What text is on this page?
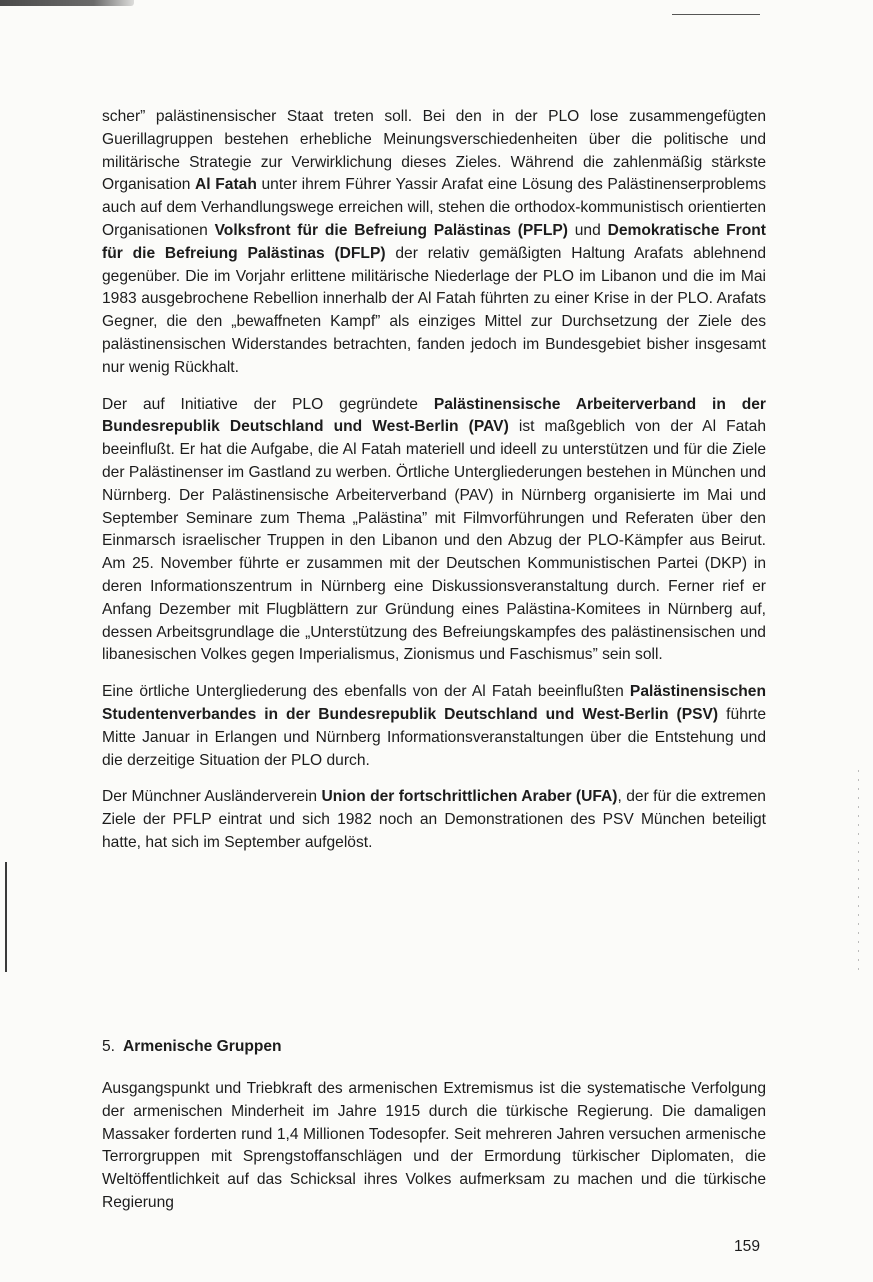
scher” palästinensischer Staat treten soll. Bei den in der PLO lose zusammengefügten Guerillagruppen bestehen erhebliche Meinungsverschiedenheiten über die politische und militärische Strategie zur Verwirklichung dieses Zieles. Während die zahlenmäßig stärkste Organisation Al Fatah unter ihrem Führer Yassir Arafat eine Lösung des Palästinenserproblems auch auf dem Verhandlungswege erreichen will, stehen die orthodox-kommunistisch orientierten Organisationen Volksfront für die Befreiung Palästinas (PFLP) und Demokratische Front für die Befreiung Palästinas (DFLP) der relativ gemäßigten Haltung Arafats ablehnend gegenüber. Die im Vorjahr erlittene militärische Niederlage der PLO im Libanon und die im Mai 1983 ausgebrochene Rebellion innerhalb der Al Fatah führten zu einer Krise in der PLO. Arafats Gegner, die den „bewaffneten Kampf” als einziges Mittel zur Durchsetzung der Ziele des palästinensischen Widerstandes betrachten, fanden jedoch im Bundesgebiet bisher insgesamt nur wenig Rückhalt.

Der auf Initiative der PLO gegründete Palästinensische Arbeiterverband in der Bundesrepublik Deutschland und West-Berlin (PAV) ist maßgeblich von der Al Fatah beeinflußt. Er hat die Aufgabe, die Al Fatah materiell und ideell zu unterstützen und für die Ziele der Palästinenser im Gastland zu werben. Örtliche Untergliederungen bestehen in München und Nürnberg. Der Palästinensische Arbeiterverband (PAV) in Nürnberg organisierte im Mai und September Seminare zum Thema „Palästina” mit Filmvorführungen und Referaten über den Einmarsch israelischer Truppen in den Libanon und den Abzug der PLO-Kämpfer aus Beirut. Am 25. November führte er zusammen mit der Deutschen Kommunistischen Partei (DKP) in deren Informationszentrum in Nürnberg eine Diskussionsveranstaltung durch. Ferner rief er Anfang Dezember mit Flugblättern zur Gründung eines Palästina-Komitees in Nürnberg auf, dessen Arbeitsgrundlage die „Unterstützung des Befreiungskampfes des palästinensischen und libanesischen Volkes gegen Imperialismus, Zionismus und Faschismus” sein soll.

Eine örtliche Untergliederung des ebenfalls von der Al Fatah beeinflußten Palästinensischen Studentenverbandes in der Bundesrepublik Deutschland und West-Berlin (PSV) führte Mitte Januar in Erlangen und Nürnberg Informationsveranstaltungen über die Entstehung und die derzeitige Situation der PLO durch.

Der Münchner Ausländerverein Union der fortschrittlichen Araber (UFA), der für die extremen Ziele der PFLP eintrat und sich 1982 noch an Demonstrationen des PSV München beteiligt hatte, hat sich im September aufgelöst.

5. Armenische Gruppen

Ausgangspunkt und Triebkraft des armenischen Extremismus ist die systematische Verfolgung der armenischen Minderheit im Jahre 1915 durch die türkische Regierung. Die damaligen Massaker forderten rund 1,4 Millionen Todesopfer. Seit mehreren Jahren versuchen armenische Terrorgruppen mit Sprengstoffanschlägen und der Ermordung türkischer Diplomaten, die Weltöffentlichkeit auf das Schicksal ihres Volkes aufmerksam zu machen und die türkische Regierung

159
